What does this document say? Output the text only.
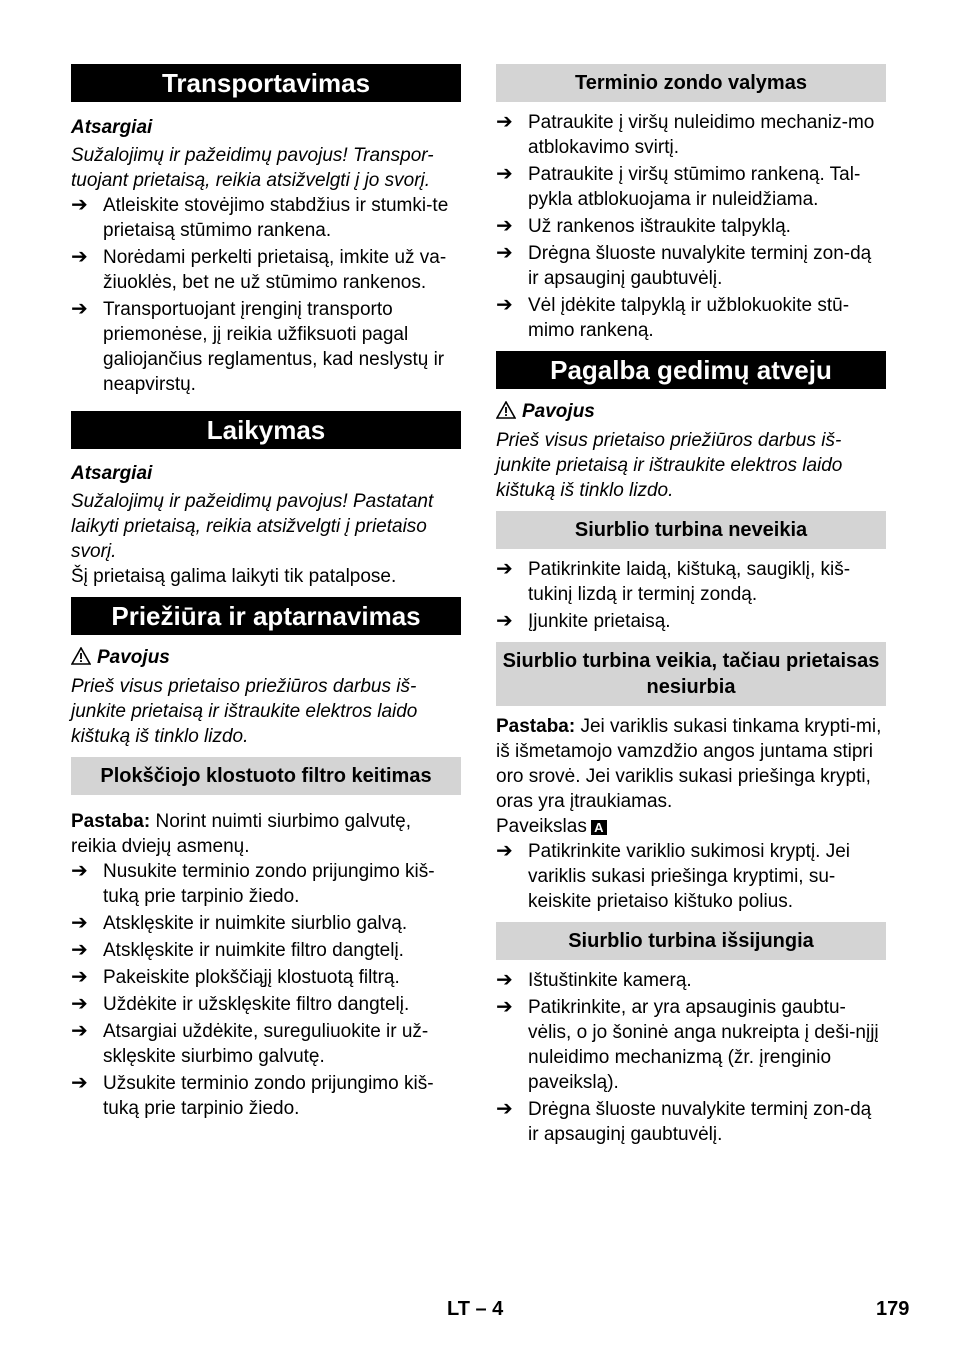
Transportavimas

Atsargiai

Sužalojimų ir pažeidimų pavojus! Transpor-tuojant prietaisą, reikia atsižvelgti į jo svorį.

➔ Atleiskite stovėjimo stabdžius ir stumki-te prietaisą stūmimo rankena.
➔ Norėdami perkelti prietaisą, imkite už va-žiuoklės, bet ne už stūmimo rankenos.
➔ Transportuojant įrenginį transporto priemonėse, jį reikia užfiksuoti pagal galiojančius reglamentus, kad neslystų ir neapvirstų.
Laikymas

Atsargiai

Sužalojimų ir pažeidimų pavojus! Pastatant laikyti prietaisą, reikia atsižvelgti į prietaiso svorį.

Šį prietaisą galima laikyti tik patalpose.

Priežiūra ir aptarnavimas

Pavojus

Prieš visus prietaiso priežiūros darbus iš-junkite prietaisą ir ištraukite elektros laido kištuką iš tinklo lizdo.

Plokščiojo klostuoto filtro keitimas

Pastaba: Norint nuimti siurbimo galvutę, reikia dviejų asmenų.

➔ Nusukite terminio zondo prijungimo kiš-tuką prie tarpinio žiedo.
➔ Atsklęskite ir nuimkite siurblio galvą.
➔ Atsklęskite ir nuimkite filtro dangtelį.
➔ Pakeiskite plokščiąjį klostuotą filtrą.
➔ Uždėkite ir užsklęskite filtro dangtelį.
➔ Atsargiai uždėkite, sureguliuokite ir už-sklęskite siurbimo galvutę.
➔ Užsukite terminio zondo prijungimo kiš-tuką prie tarpinio žiedo.
Terminio zondo valymas
➔ Patraukite į viršų nuleidimo mechaniz-mo atblokavimo svirtį.
➔ Patraukite į viršų stūmimo rankeną. Tal-pykla atblokuojama ir nuleidžiama.
➔ Už rankenos ištraukite talpyklą.
➔ Drėgna šluoste nuvalykite terminį zon-dą ir apsauginį gaubtuvėlį.
➔ Vėl įdėkite talpyklą ir užblokuokite stū-mimo rankeną.
Pagalba gedimų atveju

Pavojus

Prieš visus prietaiso priežiūros darbus iš-junkite prietaisą ir ištraukite elektros laido kištuką iš tinklo lizdo.

Siurblio turbina neveikia
➔ Patikrinkite laidą, kištuką, saugiklį, kiš-tukinį lizdą ir terminį zondą.
➔ Įjunkite prietaisą.
Siurblio turbina veikia, tačiau prietaisas nesiurbia

Pastaba: Jei variklis sukasi tinkama krypti-mi, iš išmetamojo vamzdžio angos juntama stipri oro srovė. Jei variklis sukasi priešinga krypti, oras yra įtraukiamas.

Paveikslas A

➔ Patikrinkite variklio sukimosi kryptį. Jei variklis sukasi priešinga kryptimi, su-keiskite prietaiso kištuko polius.
Siurblio turbina išsijungia
➔ Ištuštinkite kamerą.
➔ Patikrinkite, ar yra apsauginis gaubtu-vėlis, o jo šoninė anga nukreipta į deši-nįjį nuleidimo mechanizmą (žr. įrenginio paveikslą).
➔ Drėgna šluoste nuvalykite terminį zon-dą ir apsauginį gaubtuvėlį.
LT – 4	179
